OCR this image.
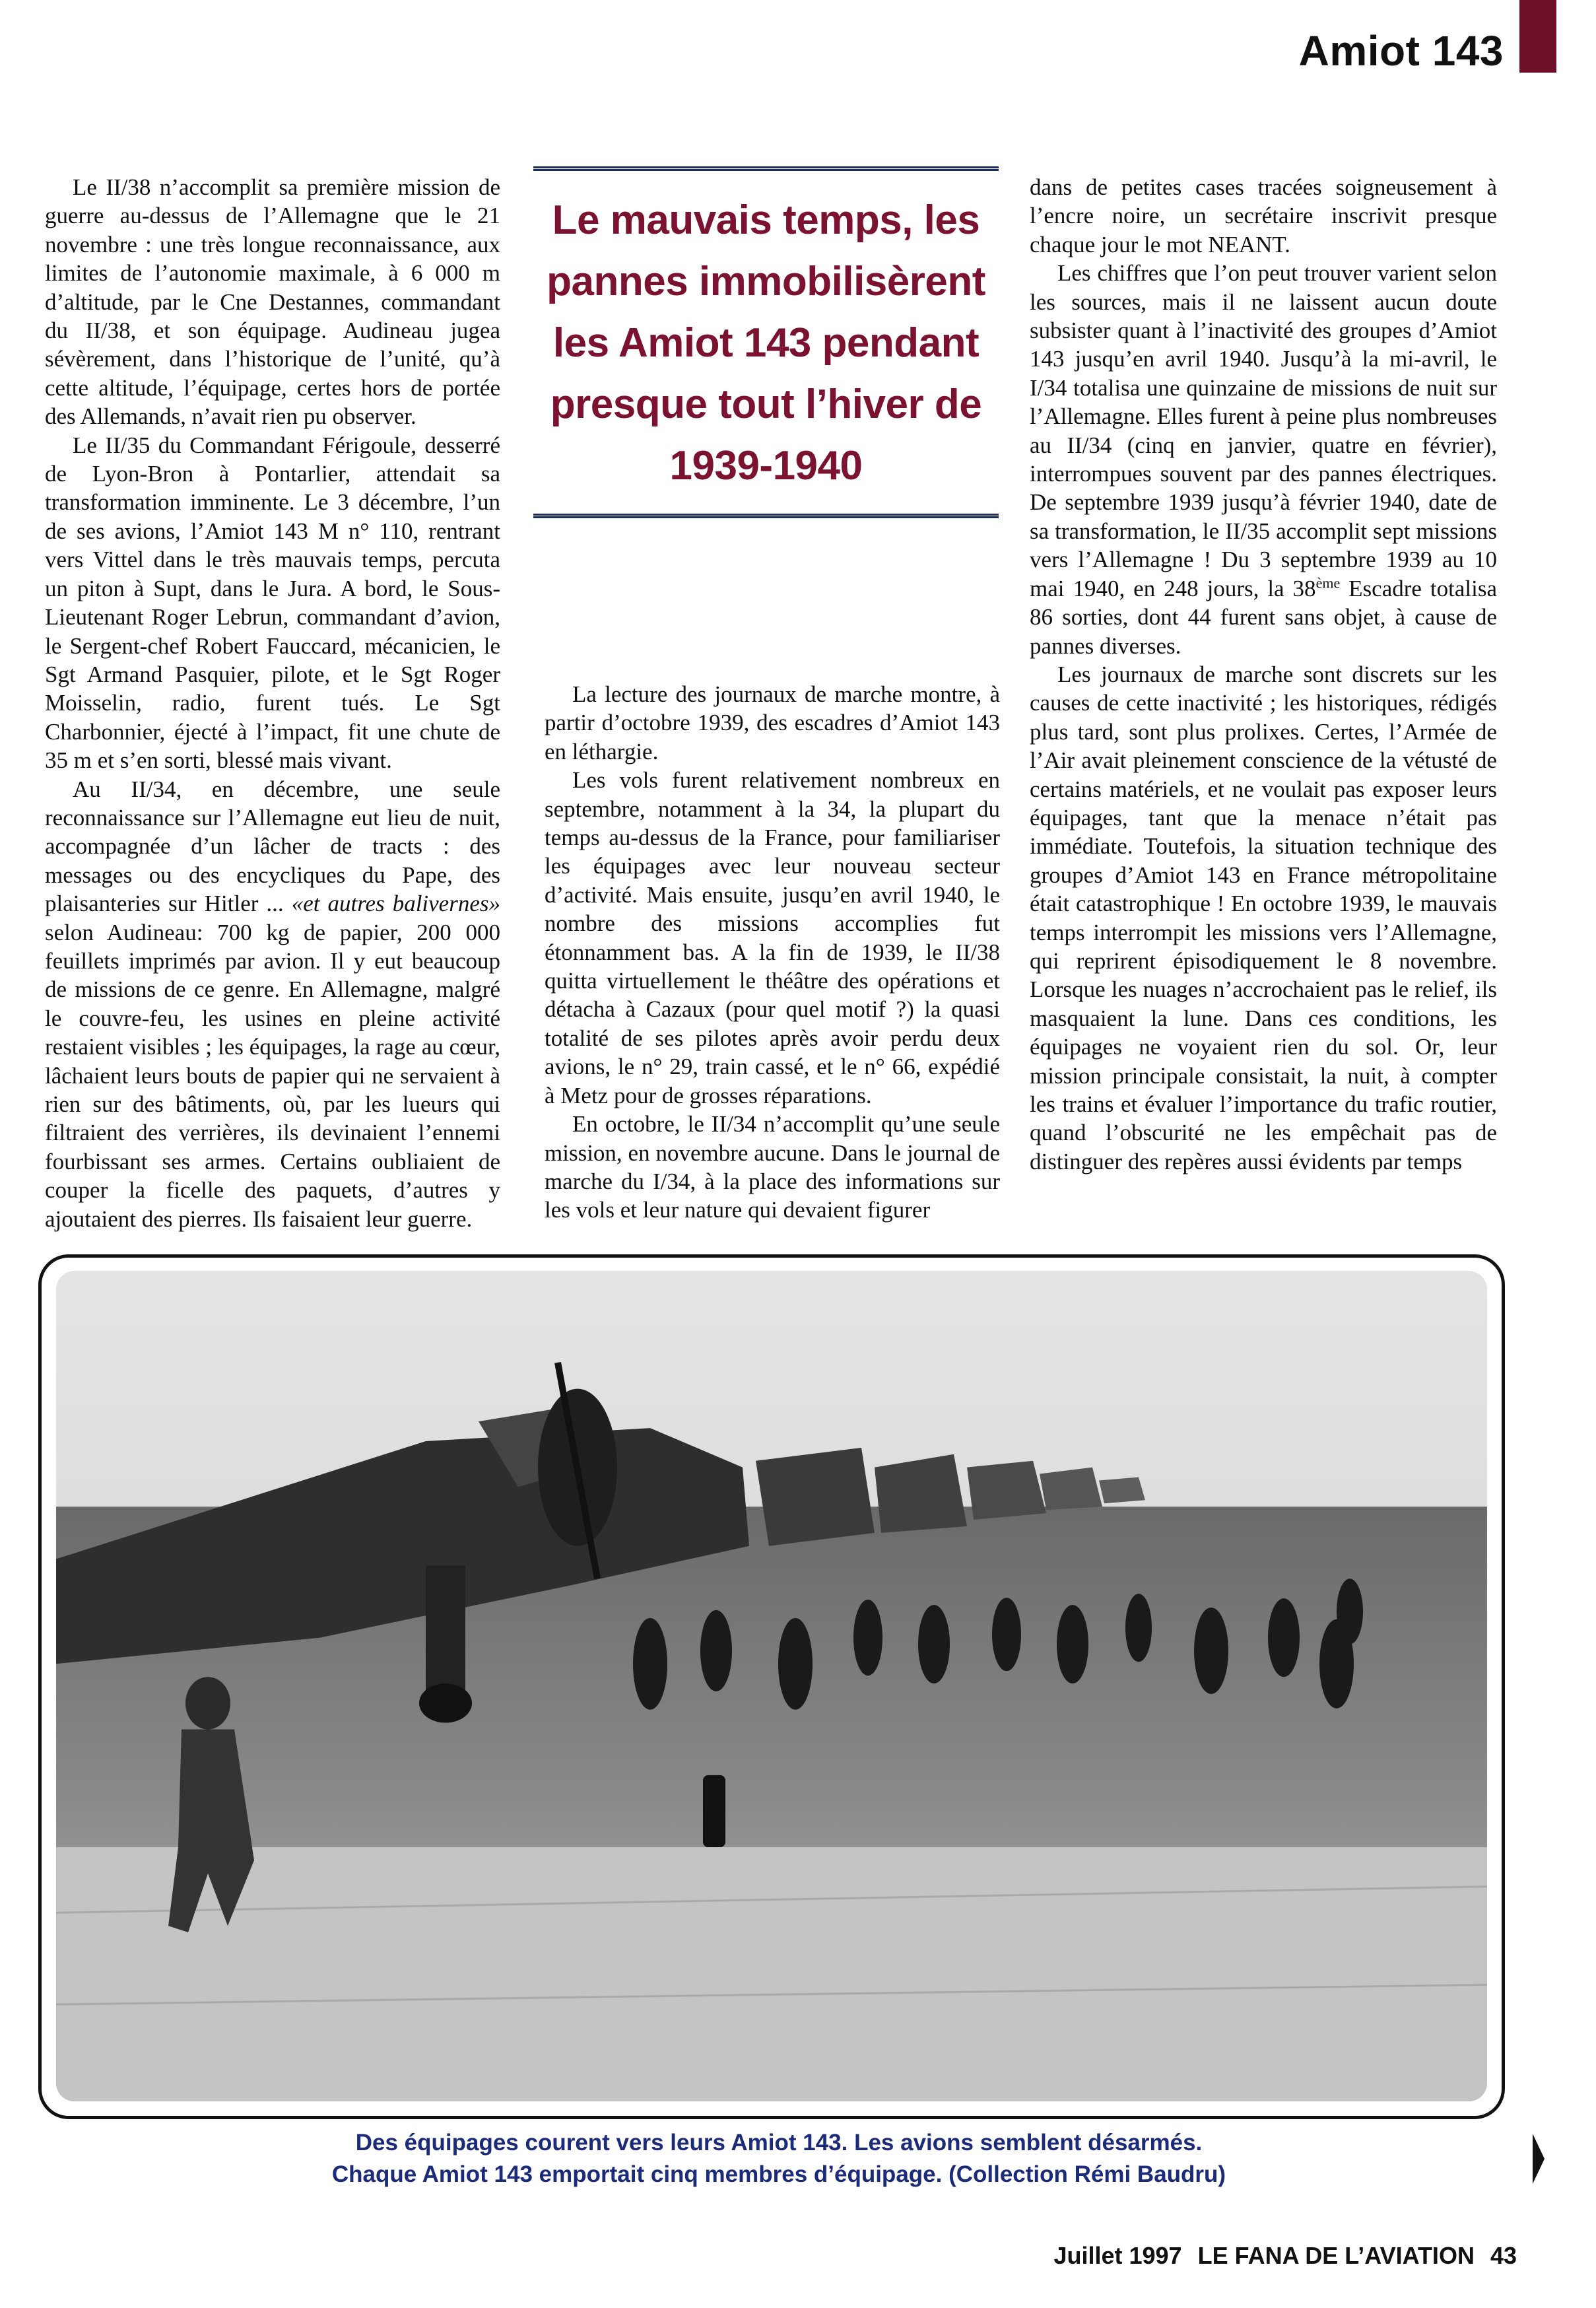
Amiot 143

Le II/38 n’accomplit sa première mission de guerre au-dessus de l’Allemagne que le 21 novembre : une très longue reconnaissance, aux limites de l’autonomie maximale, à 6 000 m d’altitude, par le Cne Destannes, commandant du II/38, et son équipage. Audineau jugea sévèrement, dans l’historique de l’unité, qu’à cette altitude, l’équipage, certes hors de portée des Allemands, n’avait rien pu observer.

Le II/35 du Commandant Férigoule, desserré de Lyon-Bron à Pontarlier, attendait sa transformation imminente. Le 3 décembre, l’un de ses avions, l’Amiot 143 M n° 110, rentrant vers Vittel dans le très mauvais temps, percuta un piton à Supt, dans le Jura. A bord, le Sous-Lieutenant Roger Lebrun, commandant d’avion, le Sergent-chef Robert Fauccard, mécanicien, le Sgt Armand Pasquier, pilote, et le Sgt Roger Moisselin, radio, furent tués. Le Sgt Charbonnier, éjecté à l’impact, fit une chute de 35 m et s’en sorti, blessé mais vivant.

Au II/34, en décembre, une seule reconnaissance sur l’Allemagne eut lieu de nuit, accompagnée d’un lâcher de tracts : des messages ou des encycliques du Pape, des plaisanteries sur Hitler ... «et autres balivernes» selon Audineau: 700 kg de papier, 200 000 feuillets imprimés par avion. Il y eut beaucoup de missions de ce genre. En Allemagne, malgré le couvre-feu, les usines en pleine activité restaient visibles ; les équipages, la rage au cœur, lâchaient leurs bouts de papier qui ne servaient à rien sur des bâtiments, où, par les lueurs qui filtraient des verrières, ils devinaient l’ennemi fourbissant ses armes. Certains oubliaient de couper la ficelle des paquets, d’autres y ajoutaient des pierres. Ils faisaient leur guerre.

Le mauvais temps, les pannes immobilisèrent les Amiot 143 pendant presque tout l’hiver de 1939-1940

La lecture des journaux de marche montre, à partir d’octobre 1939, des escadres d’Amiot 143 en léthargie.

Les vols furent relativement nombreux en septembre, notamment à la 34, la plupart du temps au-dessus de la France, pour familiariser les équipages avec leur nouveau secteur d’activité. Mais ensuite, jusqu’en avril 1940, le nombre des missions accomplies fut étonnamment bas. A la fin de 1939, le II/38 quitta virtuellement le théâtre des opérations et détacha à Cazaux (pour quel motif ?) la quasi totalité de ses pilotes après avoir perdu deux avions, le n° 29, train cassé, et le n° 66, expédié à Metz pour de grosses réparations.

En octobre, le II/34 n’accomplit qu’une seule mission, en novembre aucune. Dans le journal de marche du I/34, à la place des informations sur les vols et leur nature qui devaient figurer

dans de petites cases tracées soigneusement à l’encre noire, un secrétaire inscrivit presque chaque jour le mot NEANT.

Les chiffres que l’on peut trouver varient selon les sources, mais il ne laissent aucun doute subsister quant à l’inactivité des groupes d’Amiot 143 jusqu’en avril 1940. Jusqu’à la mi-avril, le I/34 totalisa une quinzaine de missions de nuit sur l’Allemagne. Elles furent à peine plus nombreuses au II/34 (cinq en janvier, quatre en février), interrompues souvent par des pannes électriques. De septembre 1939 jusqu’à février 1940, date de sa transformation, le II/35 accomplit sept missions vers l’Allemagne ! Du 3 septembre 1939 au 10 mai 1940, en 248 jours, la 38ème Escadre totalisa 86 sorties, dont 44 furent sans objet, à cause de pannes diverses.

Les journaux de marche sont discrets sur les causes de cette inactivité ; les historiques, rédigés plus tard, sont plus prolixes. Certes, l’Armée de l’Air avait pleinement conscience de la vétusté de certains matériels, et ne voulait pas exposer leurs équipages, tant que la menace n’était pas immédiate. Toutefois, la situation technique des groupes d’Amiot 143 en France métropolitaine était catastrophique ! En octobre 1939, le mauvais temps interrompit les missions vers l’Allemagne, qui reprirent épisodiquement le 8 novembre. Lorsque les nuages n’accrochaient pas le relief, ils masquaient la lune. Dans ces conditions, les équipages ne voyaient rien du sol. Or, leur mission principale consistait, la nuit, à compter les trains et évaluer l’importance du trafic routier, quand l’obscurité ne les empêchait pas de distinguer des repères aussi évidents par temps

Des équipages courent vers leurs Amiot 143. Les avions semblent désarmés.
Chaque Amiot 143 emportait cinq membres d’équipage. (Collection Rémi Baudru)
Juillet 1997 LE FANA DE L’AVIATION 43
